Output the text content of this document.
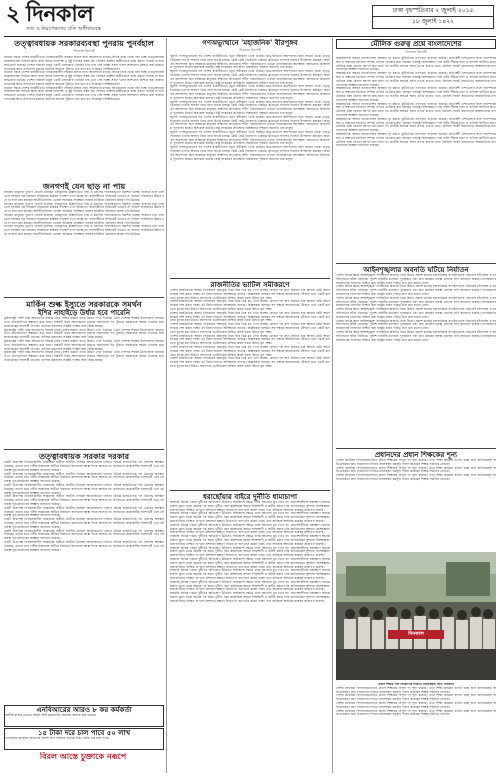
২ দিনকাল
সত্য ও নিরপেক্ষতার প্রতি অঙ্গীকারবদ্ধ
ঢাকা বৃহস্পতিবার ২ জুলাই ২০১৫
১৮ জুলাই ১৪২২

তত্ত্বাবধায়ক সরকারব্যবস্থা পুনরায় পুনর্বহাল

দিনকাল রিপোর্ট

বর্তমান সময়ে দেশের রাজনীতিতে নির্বাচনকালীন সরকার প্রসঙ্গে নানা আলোচনা চলছে। বিভিন্ন মহল থেকে বলা হচ্ছে তত্ত্বাবধায়ক সরকারব্যবস্থা ফিরিয়ে আনা ছাড়া অবাধ নিরপেক্ষ ও সুষ্ঠু নির্বাচন সম্ভব নয়। নির্বাচন কমিশন স্বাধীনভাবে কাজ করতে পারছে না বলে অভিযোগ রয়েছে। দেশের সাধারণ মানুষ একটি গ্রহণযোগ্য নির্বাচন চায় এবং সেই লক্ষ্যে সকল দলের অংশগ্রহণ নিশ্চিত করা জরুরি। গণতন্ত্রের স্বার্থে সংলাপের মাধ্যমে সমস্যার সমাধান খুঁজতে হবে বলে মত দিয়েছেন বিশিষ্টজনেরা।

বর্তমান সময়ে দেশের রাজনীতিতে নির্বাচনকালীন সরকার প্রসঙ্গে নানা আলোচনা চলছে। বিভিন্ন মহল থেকে বলা হচ্ছে তত্ত্বাবধায়ক সরকারব্যবস্থা ফিরিয়ে আনা ছাড়া অবাধ নিরপেক্ষ ও সুষ্ঠু নির্বাচন সম্ভব নয়। নির্বাচন কমিশন স্বাধীনভাবে কাজ করতে পারছে না বলে অভিযোগ রয়েছে। দেশের সাধারণ মানুষ একটি গ্রহণযোগ্য নির্বাচন চায় এবং সেই লক্ষ্যে সকল দলের অংশগ্রহণ নিশ্চিত করা জরুরি। গণতন্ত্রের স্বার্থে সংলাপের মাধ্যমে সমস্যার সমাধান খুঁজতে হবে বলে মত দিয়েছেন বিশিষ্টজনেরা।

বর্তমান সময়ে দেশের রাজনীতিতে নির্বাচনকালীন সরকার প্রসঙ্গে নানা আলোচনা চলছে। বিভিন্ন মহল থেকে বলা হচ্ছে তত্ত্বাবধায়ক সরকারব্যবস্থা ফিরিয়ে আনা ছাড়া অবাধ নিরপেক্ষ ও সুষ্ঠু নির্বাচন সম্ভব নয়। নির্বাচন কমিশন স্বাধীনভাবে কাজ করতে পারছে না বলে অভিযোগ রয়েছে। দেশের সাধারণ মানুষ একটি গ্রহণযোগ্য নির্বাচন চায় এবং সেই লক্ষ্যে সকল দলের অংশগ্রহণ নিশ্চিত করা জরুরি। গণতন্ত্রের স্বার্থে সংলাপের মাধ্যমে সমস্যার সমাধান খুঁজতে হবে বলে মত দিয়েছেন বিশিষ্টজনেরা।

জনগণই যেন ছাড় না পায়

সাধারণ মানুষের দুর্ভোগ বেড়েই চলেছে। দ্রব্যমূল্যের ঊর্ধ্বগতিতে নিম্ন ও মধ্যবিত্ত পরিবারগুলো হিমশিম খাচ্ছে। বাজারে চাল ডাল তেল সবজির দাম নিয়ন্ত্রণে সরকারের কার্যকর পদক্ষেপ দেখা যাচ্ছে না। ব্যবসায়ীদের সিন্ডিকেট ভাঙতে না পারলে পরিস্থিতির উন্নতি হবে না বলে মনে করছেন অর্থনীতিবিদরা। ভোক্তা অধিকার সংরক্ষণে বাজার মনিটরিং জোরদার করার দাবি উঠেছে।

সাধারণ মানুষের দুর্ভোগ বেড়েই চলেছে। দ্রব্যমূল্যের ঊর্ধ্বগতিতে নিম্ন ও মধ্যবিত্ত পরিবারগুলো হিমশিম খাচ্ছে। বাজারে চাল ডাল তেল সবজির দাম নিয়ন্ত্রণে সরকারের কার্যকর পদক্ষেপ দেখা যাচ্ছে না। ব্যবসায়ীদের সিন্ডিকেট ভাঙতে না পারলে পরিস্থিতির উন্নতি হবে না বলে মনে করছেন অর্থনীতিবিদরা। ভোক্তা অধিকার সংরক্ষণে বাজার মনিটরিং জোরদার করার দাবি উঠেছে।

সাধারণ মানুষের দুর্ভোগ বেড়েই চলেছে। দ্রব্যমূল্যের ঊর্ধ্বগতিতে নিম্ন ও মধ্যবিত্ত পরিবারগুলো হিমশিম খাচ্ছে। বাজারে চাল ডাল তেল সবজির দাম নিয়ন্ত্রণে সরকারের কার্যকর পদক্ষেপ দেখা যাচ্ছে না। ব্যবসায়ীদের সিন্ডিকেট ভাঙতে না পারলে পরিস্থিতির উন্নতি হবে না বলে মনে করছেন অর্থনীতিবিদরা। ভোক্তা অধিকার সংরক্ষণে বাজার মনিটরিং জোরদার করার দাবি উঠেছে।

সাধারণ মানুষের দুর্ভোগ বেড়েই চলেছে। দ্রব্যমূল্যের ঊর্ধ্বগতিতে নিম্ন ও মধ্যবিত্ত পরিবারগুলো হিমশিম খাচ্ছে। বাজারে চাল ডাল তেল সবজির দাম নিয়ন্ত্রণে সরকারের কার্যকর পদক্ষেপ দেখা যাচ্ছে না। ব্যবসায়ীদের সিন্ডিকেট ভাঙতে না পারলে পরিস্থিতির উন্নতি হবে না বলে মনে করছেন অর্থনীতিবিদরা। ভোক্তা অধিকার সংরক্ষণে বাজার মনিটরিং জোরদার করার দাবি উঠেছে।

মার্কিন শুল্ক ইস্যুতে সরকারকে সমর্থন

ইশির নাহাইড়ে উর্ধার হবে পারেনি

যুক্তরাষ্ট্রের পাল্টা শুল্ক আরোপের সিদ্ধান্ত নিয়ে দেশের রপ্তানি খাতে উদ্বেগ দেখা দিয়েছে। তৈরি পোশাক শিল্পের উদ্যোক্তারা বলছেন এতে প্রতিযোগিতা সক্ষমতা কমে যাবে। বিষয়টি নিয়ে আলোচনার মাধ্যমে সমাধানের পথ খুঁজতে সরকারকে সমর্থন দেওয়ার কথা জানিয়েছেন ব্যবসায়ী নেতারা। বাণিজ্য মন্ত্রণালয় সংশ্লিষ্ট পক্ষের সঙ্গে বৈঠক করছে।

যুক্তরাষ্ট্রের পাল্টা শুল্ক আরোপের সিদ্ধান্ত নিয়ে দেশের রপ্তানি খাতে উদ্বেগ দেখা দিয়েছে। তৈরি পোশাক শিল্পের উদ্যোক্তারা বলছেন এতে প্রতিযোগিতা সক্ষমতা কমে যাবে। বিষয়টি নিয়ে আলোচনার মাধ্যমে সমাধানের পথ খুঁজতে সরকারকে সমর্থন দেওয়ার কথা জানিয়েছেন ব্যবসায়ী নেতারা। বাণিজ্য মন্ত্রণালয় সংশ্লিষ্ট পক্ষের সঙ্গে বৈঠক করছে।

যুক্তরাষ্ট্রের পাল্টা শুল্ক আরোপের সিদ্ধান্ত নিয়ে দেশের রপ্তানি খাতে উদ্বেগ দেখা দিয়েছে। তৈরি পোশাক শিল্পের উদ্যোক্তারা বলছেন এতে প্রতিযোগিতা সক্ষমতা কমে যাবে। বিষয়টি নিয়ে আলোচনার মাধ্যমে সমাধানের পথ খুঁজতে সরকারকে সমর্থন দেওয়ার কথা জানিয়েছেন ব্যবসায়ী নেতারা। বাণিজ্য মন্ত্রণালয় সংশ্লিষ্ট পক্ষের সঙ্গে বৈঠক করছে।

যুক্তরাষ্ট্রের পাল্টা শুল্ক আরোপের সিদ্ধান্ত নিয়ে দেশের রপ্তানি খাতে উদ্বেগ দেখা দিয়েছে। তৈরি পোশাক শিল্পের উদ্যোক্তারা বলছেন এতে প্রতিযোগিতা সক্ষমতা কমে যাবে। বিষয়টি নিয়ে আলোচনার মাধ্যমে সমাধানের পথ খুঁজতে সরকারকে সমর্থন দেওয়ার কথা জানিয়েছেন ব্যবসায়ী নেতারা। বাণিজ্য মন্ত্রণালয় সংশ্লিষ্ট পক্ষের সঙ্গে বৈঠক করছে।

তত্ত্বাবধায়ক সরকার দরকার

একটি নিরপেক্ষ নির্বাচনকালীন সরকারের অধীনে জাতীয় নির্বাচন আয়োজনের দাবিতে বিভিন্ন রাজনৈতিক দল ঐক্যবদ্ধ অবস্থান নিয়েছে। তাদের মতে দলীয় সরকারের অধীনে নির্বাচনে জনগণের আস্থা ফিরে আসবে না। সংবিধানে প্রয়োজনীয় সংশোধনী এনে এই ব্যবস্থা পুনঃপ্রবর্তনের আহ্বান জানানো হয়েছে।

একটি নিরপেক্ষ নির্বাচনকালীন সরকারের অধীনে জাতীয় নির্বাচন আয়োজনের দাবিতে বিভিন্ন রাজনৈতিক দল ঐক্যবদ্ধ অবস্থান নিয়েছে। তাদের মতে দলীয় সরকারের অধীনে নির্বাচনে জনগণের আস্থা ফিরে আসবে না। সংবিধানে প্রয়োজনীয় সংশোধনী এনে এই ব্যবস্থা পুনঃপ্রবর্তনের আহ্বান জানানো হয়েছে।

একটি নিরপেক্ষ নির্বাচনকালীন সরকারের অধীনে জাতীয় নির্বাচন আয়োজনের দাবিতে বিভিন্ন রাজনৈতিক দল ঐক্যবদ্ধ অবস্থান নিয়েছে। তাদের মতে দলীয় সরকারের অধীনে নির্বাচনে জনগণের আস্থা ফিরে আসবে না। সংবিধানে প্রয়োজনীয় সংশোধনী এনে এই ব্যবস্থা পুনঃপ্রবর্তনের আহ্বান জানানো হয়েছে।

একটি নিরপেক্ষ নির্বাচনকালীন সরকারের অধীনে জাতীয় নির্বাচন আয়োজনের দাবিতে বিভিন্ন রাজনৈতিক দল ঐক্যবদ্ধ অবস্থান নিয়েছে। তাদের মতে দলীয় সরকারের অধীনে নির্বাচনে জনগণের আস্থা ফিরে আসবে না। সংবিধানে প্রয়োজনীয় সংশোধনী এনে এই ব্যবস্থা পুনঃপ্রবর্তনের আহ্বান জানানো হয়েছে।

একটি নিরপেক্ষ নির্বাচনকালীন সরকারের অধীনে জাতীয় নির্বাচন আয়োজনের দাবিতে বিভিন্ন রাজনৈতিক দল ঐক্যবদ্ধ অবস্থান নিয়েছে। তাদের মতে দলীয় সরকারের অধীনে নির্বাচনে জনগণের আস্থা ফিরে আসবে না। সংবিধানে প্রয়োজনীয় সংশোধনী এনে এই ব্যবস্থা পুনঃপ্রবর্তনের আহ্বান জানানো হয়েছে।

একটি নিরপেক্ষ নির্বাচনকালীন সরকারের অধীনে জাতীয় নির্বাচন আয়োজনের দাবিতে বিভিন্ন রাজনৈতিক দল ঐক্যবদ্ধ অবস্থান নিয়েছে। তাদের মতে দলীয় সরকারের অধীনে নির্বাচনে জনগণের আস্থা ফিরে আসবে না। সংবিধানে প্রয়োজনীয় সংশোধনী এনে এই ব্যবস্থা পুনঃপ্রবর্তনের আহ্বান জানানো হয়েছে।

একটি নিরপেক্ষ নির্বাচনকালীন সরকারের অধীনে জাতীয় নির্বাচন আয়োজনের দাবিতে বিভিন্ন রাজনৈতিক দল ঐক্যবদ্ধ অবস্থান নিয়েছে। তাদের মতে দলীয় সরকারের অধীনে নির্বাচনে জনগণের আস্থা ফিরে আসবে না। সংবিধানে প্রয়োজনীয় সংশোধনী এনে এই ব্যবস্থা পুনঃপ্রবর্তনের আহ্বান জানানো হয়েছে।

একটি নিরপেক্ষ নির্বাচনকালীন সরকারের অধীনে জাতীয় নির্বাচন আয়োজনের দাবিতে বিভিন্ন রাজনৈতিক দল ঐক্যবদ্ধ অবস্থান নিয়েছে। তাদের মতে দলীয় সরকারের অধীনে নির্বাচনে জনগণের আস্থা ফিরে আসবে না। সংবিধানে প্রয়োজনীয় সংশোধনী এনে এই ব্যবস্থা পুনঃপ্রবর্তনের আহ্বান জানানো হয়েছে।

এনবিআরের আরও ৮ কর কর্মকর্তা

জাতীয় রাজস্ব বোর্ডের আরও আট কর্মকর্তাকে সাময়িক বরখাস্ত করা হয়েছে।

১৫ টাকা দরে চাল পাবে ৫০ লাখ

খাদ্যবান্ধব কর্মসূচির আওতায় পঞ্চাশ লাখ পরিবার পনেরো টাকা কেজি দরে চাল পাবে।

বিরল আস্তে চুক্তাকে নৰূপে

গণঅভ্যুত্থানে 'মহাজনিক' বীরপুঙ্গব

দিনকাল রিপোর্ট

জুলাই গণঅভ্যুত্থানের পর দেশের রাজনীতিতে নতুন সমীকরণ তৈরি হয়েছে। ছাত্র-জনতার আন্দোলনে যারা সামনে থেকে নেতৃত্ব দিয়েছেন তাদের অবদান নিয়ে নানা বিতর্ক চলছে। কেউ কেউ নিজেদের একমাত্র কৃতিত্বের দাবিদার হিসেবে উপস্থাপন করছেন। অথচ এই আন্দোলন ছিল সর্বস্তরের মানুষের সম্মিলিত প্রতিরোধ। শহীদ পরিবারগুলো এখনো ন্যায়বিচারের অপেক্ষায়। আহতদের চিকিৎসা ও পুনর্বাসন নিয়েও অসন্তোষ রয়েছে। রাষ্ট্র সংস্কারের প্রতিশ্রুতি বাস্তবায়নে দৃশ্যমান অগ্রগতি চায় মানুষ।

জুলাই গণঅভ্যুত্থানের পর দেশের রাজনীতিতে নতুন সমীকরণ তৈরি হয়েছে। ছাত্র-জনতার আন্দোলনে যারা সামনে থেকে নেতৃত্ব দিয়েছেন তাদের অবদান নিয়ে নানা বিতর্ক চলছে। কেউ কেউ নিজেদের একমাত্র কৃতিত্বের দাবিদার হিসেবে উপস্থাপন করছেন। অথচ এই আন্দোলন ছিল সর্বস্তরের মানুষের সম্মিলিত প্রতিরোধ। শহীদ পরিবারগুলো এখনো ন্যায়বিচারের অপেক্ষায়। আহতদের চিকিৎসা ও পুনর্বাসন নিয়েও অসন্তোষ রয়েছে। রাষ্ট্র সংস্কারের প্রতিশ্রুতি বাস্তবায়নে দৃশ্যমান অগ্রগতি চায় মানুষ।

জুলাই গণঅভ্যুত্থানের পর দেশের রাজনীতিতে নতুন সমীকরণ তৈরি হয়েছে। ছাত্র-জনতার আন্দোলনে যারা সামনে থেকে নেতৃত্ব দিয়েছেন তাদের অবদান নিয়ে নানা বিতর্ক চলছে। কেউ কেউ নিজেদের একমাত্র কৃতিত্বের দাবিদার হিসেবে উপস্থাপন করছেন। অথচ এই আন্দোলন ছিল সর্বস্তরের মানুষের সম্মিলিত প্রতিরোধ। শহীদ পরিবারগুলো এখনো ন্যায়বিচারের অপেক্ষায়। আহতদের চিকিৎসা ও পুনর্বাসন নিয়েও অসন্তোষ রয়েছে। রাষ্ট্র সংস্কারের প্রতিশ্রুতি বাস্তবায়নে দৃশ্যমান অগ্রগতি চায় মানুষ।

জুলাই গণঅভ্যুত্থানের পর দেশের রাজনীতিতে নতুন সমীকরণ তৈরি হয়েছে। ছাত্র-জনতার আন্দোলনে যারা সামনে থেকে নেতৃত্ব দিয়েছেন তাদের অবদান নিয়ে নানা বিতর্ক চলছে। কেউ কেউ নিজেদের একমাত্র কৃতিত্বের দাবিদার হিসেবে উপস্থাপন করছেন। অথচ এই আন্দোলন ছিল সর্বস্তরের মানুষের সম্মিলিত প্রতিরোধ। শহীদ পরিবারগুলো এখনো ন্যায়বিচারের অপেক্ষায়। আহতদের চিকিৎসা ও পুনর্বাসন নিয়েও অসন্তোষ রয়েছে। রাষ্ট্র সংস্কারের প্রতিশ্রুতি বাস্তবায়নে দৃশ্যমান অগ্রগতি চায় মানুষ।

জুলাই গণঅভ্যুত্থানের পর দেশের রাজনীতিতে নতুন সমীকরণ তৈরি হয়েছে। ছাত্র-জনতার আন্দোলনে যারা সামনে থেকে নেতৃত্ব দিয়েছেন তাদের অবদান নিয়ে নানা বিতর্ক চলছে। কেউ কেউ নিজেদের একমাত্র কৃতিত্বের দাবিদার হিসেবে উপস্থাপন করছেন। অথচ এই আন্দোলন ছিল সর্বস্তরের মানুষের সম্মিলিত প্রতিরোধ। শহীদ পরিবারগুলো এখনো ন্যায়বিচারের অপেক্ষায়। আহতদের চিকিৎসা ও পুনর্বাসন নিয়েও অসন্তোষ রয়েছে। রাষ্ট্র সংস্কারের প্রতিশ্রুতি বাস্তবায়নে দৃশ্যমান অগ্রগতি চায় মানুষ।

জুলাই গণঅভ্যুত্থানের পর দেশের রাজনীতিতে নতুন সমীকরণ তৈরি হয়েছে। ছাত্র-জনতার আন্দোলনে যারা সামনে থেকে নেতৃত্ব দিয়েছেন তাদের অবদান নিয়ে নানা বিতর্ক চলছে। কেউ কেউ নিজেদের একমাত্র কৃতিত্বের দাবিদার হিসেবে উপস্থাপন করছেন। অথচ এই আন্দোলন ছিল সর্বস্তরের মানুষের সম্মিলিত প্রতিরোধ। শহীদ পরিবারগুলো এখনো ন্যায়বিচারের অপেক্ষায়। আহতদের চিকিৎসা ও পুনর্বাসন নিয়েও অসন্তোষ রয়েছে। রাষ্ট্র সংস্কারের প্রতিশ্রুতি বাস্তবায়নে দৃশ্যমান অগ্রগতি চায় মানুষ।

জুলাই গণঅভ্যুত্থানের পর দেশের রাজনীতিতে নতুন সমীকরণ তৈরি হয়েছে। ছাত্র-জনতার আন্দোলনে যারা সামনে থেকে নেতৃত্ব দিয়েছেন তাদের অবদান নিয়ে নানা বিতর্ক চলছে। কেউ কেউ নিজেদের একমাত্র কৃতিত্বের দাবিদার হিসেবে উপস্থাপন করছেন। অথচ এই আন্দোলন ছিল সর্বস্তরের মানুষের সম্মিলিত প্রতিরোধ। শহীদ পরিবারগুলো এখনো ন্যায়বিচারের অপেক্ষায়। আহতদের চিকিৎসা ও পুনর্বাসন নিয়েও অসন্তোষ রয়েছে। রাষ্ট্র সংস্কারের প্রতিশ্রুতি বাস্তবায়নে দৃশ্যমান অগ্রগতি চায় মানুষ।

রাজনীতির ভাটিল সমীকরণে

দেশের রাজনৈতিক অঙ্গনে নির্বাচনের সময়সূচি নিয়ে ভিন্ন ভিন্ন মত দেখা যাচ্ছে। কোনো দল দ্রুত নির্বাচন চায় আবার কেউ আগে সংস্কার শেষ করার পক্ষে। এই টানাপোড়েনে অনিশ্চয়তা বাড়ছে। বিশ্লেষকরা বলছেন সব পক্ষকে আলোচনার টেবিলে এনে একটি রূপরেখা চূড়ান্ত করা উচিত। জনগণের ভোটাধিকার নিশ্চিত করাই হওয়া উচিত মূল লক্ষ্য।

দেশের রাজনৈতিক অঙ্গনে নির্বাচনের সময়সূচি নিয়ে ভিন্ন ভিন্ন মত দেখা যাচ্ছে। কোনো দল দ্রুত নির্বাচন চায় আবার কেউ আগে সংস্কার শেষ করার পক্ষে। এই টানাপোড়েনে অনিশ্চয়তা বাড়ছে। বিশ্লেষকরা বলছেন সব পক্ষকে আলোচনার টেবিলে এনে একটি রূপরেখা চূড়ান্ত করা উচিত। জনগণের ভোটাধিকার নিশ্চিত করাই হওয়া উচিত মূল লক্ষ্য।

দেশের রাজনৈতিক অঙ্গনে নির্বাচনের সময়সূচি নিয়ে ভিন্ন ভিন্ন মত দেখা যাচ্ছে। কোনো দল দ্রুত নির্বাচন চায় আবার কেউ আগে সংস্কার শেষ করার পক্ষে। এই টানাপোড়েনে অনিশ্চয়তা বাড়ছে। বিশ্লেষকরা বলছেন সব পক্ষকে আলোচনার টেবিলে এনে একটি রূপরেখা চূড়ান্ত করা উচিত। জনগণের ভোটাধিকার নিশ্চিত করাই হওয়া উচিত মূল লক্ষ্য।

দেশের রাজনৈতিক অঙ্গনে নির্বাচনের সময়সূচি নিয়ে ভিন্ন ভিন্ন মত দেখা যাচ্ছে। কোনো দল দ্রুত নির্বাচন চায় আবার কেউ আগে সংস্কার শেষ করার পক্ষে। এই টানাপোড়েনে অনিশ্চয়তা বাড়ছে। বিশ্লেষকরা বলছেন সব পক্ষকে আলোচনার টেবিলে এনে একটি রূপরেখা চূড়ান্ত করা উচিত। জনগণের ভোটাধিকার নিশ্চিত করাই হওয়া উচিত মূল লক্ষ্য।

দেশের রাজনৈতিক অঙ্গনে নির্বাচনের সময়সূচি নিয়ে ভিন্ন ভিন্ন মত দেখা যাচ্ছে। কোনো দল দ্রুত নির্বাচন চায় আবার কেউ আগে সংস্কার শেষ করার পক্ষে। এই টানাপোড়েনে অনিশ্চয়তা বাড়ছে। বিশ্লেষকরা বলছেন সব পক্ষকে আলোচনার টেবিলে এনে একটি রূপরেখা চূড়ান্ত করা উচিত। জনগণের ভোটাধিকার নিশ্চিত করাই হওয়া উচিত মূল লক্ষ্য।

দেশের রাজনৈতিক অঙ্গনে নির্বাচনের সময়সূচি নিয়ে ভিন্ন ভিন্ন মত দেখা যাচ্ছে। কোনো দল দ্রুত নির্বাচন চায় আবার কেউ আগে সংস্কার শেষ করার পক্ষে। এই টানাপোড়েনে অনিশ্চয়তা বাড়ছে। বিশ্লেষকরা বলছেন সব পক্ষকে আলোচনার টেবিলে এনে একটি রূপরেখা চূড়ান্ত করা উচিত। জনগণের ভোটাধিকার নিশ্চিত করাই হওয়া উচিত মূল লক্ষ্য।

দেশের রাজনৈতিক অঙ্গনে নির্বাচনের সময়সূচি নিয়ে ভিন্ন ভিন্ন মত দেখা যাচ্ছে। কোনো দল দ্রুত নির্বাচন চায় আবার কেউ আগে সংস্কার শেষ করার পক্ষে। এই টানাপোড়েনে অনিশ্চয়তা বাড়ছে। বিশ্লেষকরা বলছেন সব পক্ষকে আলোচনার টেবিলে এনে একটি রূপরেখা চূড়ান্ত করা উচিত। জনগণের ভোটাধিকার নিশ্চিত করাই হওয়া উচিত মূল লক্ষ্য।

ধরাছোঁয়ার বাইরে দুর্নীতি ধামাচাপা

সরকারি বিভিন্ন দপ্তরে দুর্নীতির অভিযোগ উঠলেও অধিকাংশ ক্ষেত্রে তদন্ত আলোর মুখ দেখে না। প্রভাবশালীদের হস্তক্ষেপে অনেক মামলা ঝুলে থাকে বছরের পর বছর। দুর্নীতি দমন কমিশনকে আরও শক্তিশালী ও স্বাধীন করার দাবি জানিয়েছেন সুশাসন বিশেষজ্ঞরা। জবাবদিহিতা নিশ্চিত না হলে প্রশাসনে স্বচ্ছতা ফিরবে না বলে মনে করেন তারা। তথ্য অধিকার আইনের কার্যকর প্রয়োগও জরুরি।

সরকারি বিভিন্ন দপ্তরে দুর্নীতির অভিযোগ উঠলেও অধিকাংশ ক্ষেত্রে তদন্ত আলোর মুখ দেখে না। প্রভাবশালীদের হস্তক্ষেপে অনেক মামলা ঝুলে থাকে বছরের পর বছর। দুর্নীতি দমন কমিশনকে আরও শক্তিশালী ও স্বাধীন করার দাবি জানিয়েছেন সুশাসন বিশেষজ্ঞরা। জবাবদিহিতা নিশ্চিত না হলে প্রশাসনে স্বচ্ছতা ফিরবে না বলে মনে করেন তারা। তথ্য অধিকার আইনের কার্যকর প্রয়োগও জরুরি।

সরকারি বিভিন্ন দপ্তরে দুর্নীতির অভিযোগ উঠলেও অধিকাংশ ক্ষেত্রে তদন্ত আলোর মুখ দেখে না। প্রভাবশালীদের হস্তক্ষেপে অনেক মামলা ঝুলে থাকে বছরের পর বছর। দুর্নীতি দমন কমিশনকে আরও শক্তিশালী ও স্বাধীন করার দাবি জানিয়েছেন সুশাসন বিশেষজ্ঞরা। জবাবদিহিতা নিশ্চিত না হলে প্রশাসনে স্বচ্ছতা ফিরবে না বলে মনে করেন তারা। তথ্য অধিকার আইনের কার্যকর প্রয়োগও জরুরি।

সরকারি বিভিন্ন দপ্তরে দুর্নীতির অভিযোগ উঠলেও অধিকাংশ ক্ষেত্রে তদন্ত আলোর মুখ দেখে না। প্রভাবশালীদের হস্তক্ষেপে অনেক মামলা ঝুলে থাকে বছরের পর বছর। দুর্নীতি দমন কমিশনকে আরও শক্তিশালী ও স্বাধীন করার দাবি জানিয়েছেন সুশাসন বিশেষজ্ঞরা। জবাবদিহিতা নিশ্চিত না হলে প্রশাসনে স্বচ্ছতা ফিরবে না বলে মনে করেন তারা। তথ্য অধিকার আইনের কার্যকর প্রয়োগও জরুরি।

সরকারি বিভিন্ন দপ্তরে দুর্নীতির অভিযোগ উঠলেও অধিকাংশ ক্ষেত্রে তদন্ত আলোর মুখ দেখে না। প্রভাবশালীদের হস্তক্ষেপে অনেক মামলা ঝুলে থাকে বছরের পর বছর। দুর্নীতি দমন কমিশনকে আরও শক্তিশালী ও স্বাধীন করার দাবি জানিয়েছেন সুশাসন বিশেষজ্ঞরা। জবাবদিহিতা নিশ্চিত না হলে প্রশাসনে স্বচ্ছতা ফিরবে না বলে মনে করেন তারা। তথ্য অধিকার আইনের কার্যকর প্রয়োগও জরুরি।

সরকারি বিভিন্ন দপ্তরে দুর্নীতির অভিযোগ উঠলেও অধিকাংশ ক্ষেত্রে তদন্ত আলোর মুখ দেখে না। প্রভাবশালীদের হস্তক্ষেপে অনেক মামলা ঝুলে থাকে বছরের পর বছর। দুর্নীতি দমন কমিশনকে আরও শক্তিশালী ও স্বাধীন করার দাবি জানিয়েছেন সুশাসন বিশেষজ্ঞরা। জবাবদিহিতা নিশ্চিত না হলে প্রশাসনে স্বচ্ছতা ফিরবে না বলে মনে করেন তারা। তথ্য অধিকার আইনের কার্যকর প্রয়োগও জরুরি।

সরকারি বিভিন্ন দপ্তরে দুর্নীতির অভিযোগ উঠলেও অধিকাংশ ক্ষেত্রে তদন্ত আলোর মুখ দেখে না। প্রভাবশালীদের হস্তক্ষেপে অনেক মামলা ঝুলে থাকে বছরের পর বছর। দুর্নীতি দমন কমিশনকে আরও শক্তিশালী ও স্বাধীন করার দাবি জানিয়েছেন সুশাসন বিশেষজ্ঞরা। জবাবদিহিতা নিশ্চিত না হলে প্রশাসনে স্বচ্ছতা ফিরবে না বলে মনে করেন তারা। তথ্য অধিকার আইনের কার্যকর প্রয়োগও জরুরি।

সরকারি বিভিন্ন দপ্তরে দুর্নীতির অভিযোগ উঠলেও অধিকাংশ ক্ষেত্রে তদন্ত আলোর মুখ দেখে না। প্রভাবশালীদের হস্তক্ষেপে অনেক মামলা ঝুলে থাকে বছরের পর বছর। দুর্নীতি দমন কমিশনকে আরও শক্তিশালী ও স্বাধীন করার দাবি জানিয়েছেন সুশাসন বিশেষজ্ঞরা। জবাবদিহিতা নিশ্চিত না হলে প্রশাসনে স্বচ্ছতা ফিরবে না বলে মনে করেন তারা। তথ্য অধিকার আইনের কার্যকর প্রয়োগও জরুরি।

সরকারি বিভিন্ন দপ্তরে দুর্নীতির অভিযোগ উঠলেও অধিকাংশ ক্ষেত্রে তদন্ত আলোর মুখ দেখে না। প্রভাবশালীদের হস্তক্ষেপে অনেক মামলা ঝুলে থাকে বছরের পর বছর। দুর্নীতি দমন কমিশনকে আরও শক্তিশালী ও স্বাধীন করার দাবি জানিয়েছেন সুশাসন বিশেষজ্ঞরা। জবাবদিহিতা নিশ্চিত না হলে প্রশাসনে স্বচ্ছতা ফিরবে না বলে মনে করেন তারা। তথ্য অধিকার আইনের কার্যকর প্রয়োগও জরুরি।

মৌলিক গুরুত্ব প্রশ্নে বাংলাদেশের

দিনকাল রিপোর্ট

আন্তর্জাতিক অঙ্গনে বাংলাদেশের অবস্থান দৃঢ় করতে কূটনৈতিক তৎপরতা বাড়ানো হয়েছে। প্রতিবেশী দেশগুলোর সঙ্গে পারস্পরিক স্বার্থ ও সম্মানের ভিত্তিতে সম্পর্ক এগিয়ে নেওয়ার কথা বলছেন পররাষ্ট্র বিশেষজ্ঞরা। পানি বণ্টন সীমান্ত হত্যা ও বাণিজ্য ঘাটতির মতো মৌলিক প্রশ্নে কোনো আপস করা যাবে না। জাতীয় স্বার্থকে সবার ওপরে রাখতে হবে। রোহিঙ্গা সংকট সমাধানেও আন্তর্জাতিক চাপ বাড়ানোর আহ্বান জানানো হয়েছে।

আন্তর্জাতিক অঙ্গনে বাংলাদেশের অবস্থান দৃঢ় করতে কূটনৈতিক তৎপরতা বাড়ানো হয়েছে। প্রতিবেশী দেশগুলোর সঙ্গে পারস্পরিক স্বার্থ ও সম্মানের ভিত্তিতে সম্পর্ক এগিয়ে নেওয়ার কথা বলছেন পররাষ্ট্র বিশেষজ্ঞরা। পানি বণ্টন সীমান্ত হত্যা ও বাণিজ্য ঘাটতির মতো মৌলিক প্রশ্নে কোনো আপস করা যাবে না। জাতীয় স্বার্থকে সবার ওপরে রাখতে হবে। রোহিঙ্গা সংকট সমাধানেও আন্তর্জাতিক চাপ বাড়ানোর আহ্বান জানানো হয়েছে।

আন্তর্জাতিক অঙ্গনে বাংলাদেশের অবস্থান দৃঢ় করতে কূটনৈতিক তৎপরতা বাড়ানো হয়েছে। প্রতিবেশী দেশগুলোর সঙ্গে পারস্পরিক স্বার্থ ও সম্মানের ভিত্তিতে সম্পর্ক এগিয়ে নেওয়ার কথা বলছেন পররাষ্ট্র বিশেষজ্ঞরা। পানি বণ্টন সীমান্ত হত্যা ও বাণিজ্য ঘাটতির মতো মৌলিক প্রশ্নে কোনো আপস করা যাবে না। জাতীয় স্বার্থকে সবার ওপরে রাখতে হবে। রোহিঙ্গা সংকট সমাধানেও আন্তর্জাতিক চাপ বাড়ানোর আহ্বান জানানো হয়েছে।

আন্তর্জাতিক অঙ্গনে বাংলাদেশের অবস্থান দৃঢ় করতে কূটনৈতিক তৎপরতা বাড়ানো হয়েছে। প্রতিবেশী দেশগুলোর সঙ্গে পারস্পরিক স্বার্থ ও সম্মানের ভিত্তিতে সম্পর্ক এগিয়ে নেওয়ার কথা বলছেন পররাষ্ট্র বিশেষজ্ঞরা। পানি বণ্টন সীমান্ত হত্যা ও বাণিজ্য ঘাটতির মতো মৌলিক প্রশ্নে কোনো আপস করা যাবে না। জাতীয় স্বার্থকে সবার ওপরে রাখতে হবে। রোহিঙ্গা সংকট সমাধানেও আন্তর্জাতিক চাপ বাড়ানোর আহ্বান জানানো হয়েছে।

আন্তর্জাতিক অঙ্গনে বাংলাদেশের অবস্থান দৃঢ় করতে কূটনৈতিক তৎপরতা বাড়ানো হয়েছে। প্রতিবেশী দেশগুলোর সঙ্গে পারস্পরিক স্বার্থ ও সম্মানের ভিত্তিতে সম্পর্ক এগিয়ে নেওয়ার কথা বলছেন পররাষ্ট্র বিশেষজ্ঞরা। পানি বণ্টন সীমান্ত হত্যা ও বাণিজ্য ঘাটতির মতো মৌলিক প্রশ্নে কোনো আপস করা যাবে না। জাতীয় স্বার্থকে সবার ওপরে রাখতে হবে। রোহিঙ্গা সংকট সমাধানেও আন্তর্জাতিক চাপ বাড়ানোর আহ্বান জানানো হয়েছে।

আন্তর্জাতিক অঙ্গনে বাংলাদেশের অবস্থান দৃঢ় করতে কূটনৈতিক তৎপরতা বাড়ানো হয়েছে। প্রতিবেশী দেশগুলোর সঙ্গে পারস্পরিক স্বার্থ ও সম্মানের ভিত্তিতে সম্পর্ক এগিয়ে নেওয়ার কথা বলছেন পররাষ্ট্র বিশেষজ্ঞরা। পানি বণ্টন সীমান্ত হত্যা ও বাণিজ্য ঘাটতির মতো মৌলিক প্রশ্নে কোনো আপস করা যাবে না। জাতীয় স্বার্থকে সবার ওপরে রাখতে হবে। রোহিঙ্গা সংকট সমাধানেও আন্তর্জাতিক চাপ বাড়ানোর আহ্বান জানানো হয়েছে।

আইনশৃঙ্খলার অবনতি ঘটিয়ে নির্যাতন

দেশের বিভিন্ন স্থানে আইনশৃঙ্খলা পরিস্থিতির অবনতি নিয়ে উদ্বেগ প্রকাশ করেছে মানবাধিকার সংগঠনগুলো। ছিনতাই চাঁদাবাজি ও মব সহিংসতার ঘটনা বেড়েছে। পুলিশ বাহিনীর মনোবল পুনরুদ্ধার এবং দ্রুত কার্যকর ব্যবস্থা গ্রহণের দাবি জানানো হয়েছে। নাগরিকদের জানমালের নিরাপত্তা নিশ্চিত করা রাষ্ট্রের প্রধান দায়িত্ব বলে মনে করেন তারা।

দেশের বিভিন্ন স্থানে আইনশৃঙ্খলা পরিস্থিতির অবনতি নিয়ে উদ্বেগ প্রকাশ করেছে মানবাধিকার সংগঠনগুলো। ছিনতাই চাঁদাবাজি ও মব সহিংসতার ঘটনা বেড়েছে। পুলিশ বাহিনীর মনোবল পুনরুদ্ধার এবং দ্রুত কার্যকর ব্যবস্থা গ্রহণের দাবি জানানো হয়েছে। নাগরিকদের জানমালের নিরাপত্তা নিশ্চিত করা রাষ্ট্রের প্রধান দায়িত্ব বলে মনে করেন তারা।

দেশের বিভিন্ন স্থানে আইনশৃঙ্খলা পরিস্থিতির অবনতি নিয়ে উদ্বেগ প্রকাশ করেছে মানবাধিকার সংগঠনগুলো। ছিনতাই চাঁদাবাজি ও মব সহিংসতার ঘটনা বেড়েছে। পুলিশ বাহিনীর মনোবল পুনরুদ্ধার এবং দ্রুত কার্যকর ব্যবস্থা গ্রহণের দাবি জানানো হয়েছে। নাগরিকদের জানমালের নিরাপত্তা নিশ্চিত করা রাষ্ট্রের প্রধান দায়িত্ব বলে মনে করেন তারা।

দেশের বিভিন্ন স্থানে আইনশৃঙ্খলা পরিস্থিতির অবনতি নিয়ে উদ্বেগ প্রকাশ করেছে মানবাধিকার সংগঠনগুলো। ছিনতাই চাঁদাবাজি ও মব সহিংসতার ঘটনা বেড়েছে। পুলিশ বাহিনীর মনোবল পুনরুদ্ধার এবং দ্রুত কার্যকর ব্যবস্থা গ্রহণের দাবি জানানো হয়েছে। নাগরিকদের জানমালের নিরাপত্তা নিশ্চিত করা রাষ্ট্রের প্রধান দায়িত্ব বলে মনে করেন তারা।

দেশের বিভিন্ন স্থানে আইনশৃঙ্খলা পরিস্থিতির অবনতি নিয়ে উদ্বেগ প্রকাশ করেছে মানবাধিকার সংগঠনগুলো। ছিনতাই চাঁদাবাজি ও মব সহিংসতার ঘটনা বেড়েছে। পুলিশ বাহিনীর মনোবল পুনরুদ্ধার এবং দ্রুত কার্যকর ব্যবস্থা গ্রহণের দাবি জানানো হয়েছে। নাগরিকদের জানমালের নিরাপত্তা নিশ্চিত করা রাষ্ট্রের প্রধান দায়িত্ব বলে মনে করেন তারা।

দেশের বিভিন্ন স্থানে আইনশৃঙ্খলা পরিস্থিতির অবনতি নিয়ে উদ্বেগ প্রকাশ করেছে মানবাধিকার সংগঠনগুলো। ছিনতাই চাঁদাবাজি ও মব সহিংসতার ঘটনা বেড়েছে। পুলিশ বাহিনীর মনোবল পুনরুদ্ধার এবং দ্রুত কার্যকর ব্যবস্থা গ্রহণের দাবি জানানো হয়েছে। নাগরিকদের জানমালের নিরাপত্তা নিশ্চিত করা রাষ্ট্রের প্রধান দায়িত্ব বলে মনে করেন তারা।

প্রধানদের প্রধান শিক্ষকের শূন্য

দেশের প্রাথমিক বিদ্যালয়গুলোতে প্রধান শিক্ষকের বিপুল পদ শূন্য রয়েছে। এতে শিক্ষা কার্যক্রম ব্যাহত হচ্ছে বলে জানিয়েছেন অভিভাবকরা। দ্রুত নিয়োগের দাবিতে মানববন্ধন কর্মসূচি পালন করেছেন শিক্ষক সমিতির নেতারা।

দেশের প্রাথমিক বিদ্যালয়গুলোতে প্রধান শিক্ষকের বিপুল পদ শূন্য রয়েছে। এতে শিক্ষা কার্যক্রম ব্যাহত হচ্ছে বলে জানিয়েছেন অভিভাবকরা। দ্রুত নিয়োগের দাবিতে মানববন্ধন কর্মসূচি পালন করেছেন শিক্ষক সমিতির নেতারা।

দেশের প্রাথমিক বিদ্যালয়গুলোতে প্রধান শিক্ষকের বিপুল পদ শূন্য রয়েছে। এতে শিক্ষা কার্যক্রম ব্যাহত হচ্ছে বলে জানিয়েছেন অভিভাবকরা। দ্রুত নিয়োগের দাবিতে মানববন্ধন কর্মসূচি পালন করেছেন শিক্ষক সমিতির নেতারা।

দিনকাল

প্রধান শিক্ষক পদে নিয়োগের দাবিতে মানববন্ধন। ছবি: দিনকাল

দেশের প্রাথমিক বিদ্যালয়গুলোতে প্রধান শিক্ষকের বিপুল পদ শূন্য রয়েছে। এতে শিক্ষা কার্যক্রম ব্যাহত হচ্ছে বলে জানিয়েছেন অভিভাবকরা। দ্রুত নিয়োগের দাবিতে মানববন্ধন কর্মসূচি পালন করেছেন শিক্ষক সমিতির নেতারা।

দেশের প্রাথমিক বিদ্যালয়গুলোতে প্রধান শিক্ষকের বিপুল পদ শূন্য রয়েছে। এতে শিক্ষা কার্যক্রম ব্যাহত হচ্ছে বলে জানিয়েছেন অভিভাবকরা। দ্রুত নিয়োগের দাবিতে মানববন্ধন কর্মসূচি পালন করেছেন শিক্ষক সমিতির নেতারা।

দেশের প্রাথমিক বিদ্যালয়গুলোতে প্রধান শিক্ষকের বিপুল পদ শূন্য রয়েছে। এতে শিক্ষা কার্যক্রম ব্যাহত হচ্ছে বলে জানিয়েছেন অভিভাবকরা। দ্রুত নিয়োগের দাবিতে মানববন্ধন কর্মসূচি পালন করেছেন শিক্ষক সমিতির নেতারা।

দেশের প্রাথমিক বিদ্যালয়গুলোতে প্রধান শিক্ষকের বিপুল পদ শূন্য রয়েছে। এতে শিক্ষা কার্যক্রম ব্যাহত হচ্ছে বলে জানিয়েছেন অভিভাবকরা। দ্রুত নিয়োগের দাবিতে মানববন্ধন কর্মসূচি পালন করেছেন শিক্ষক সমিতির নেতারা।
